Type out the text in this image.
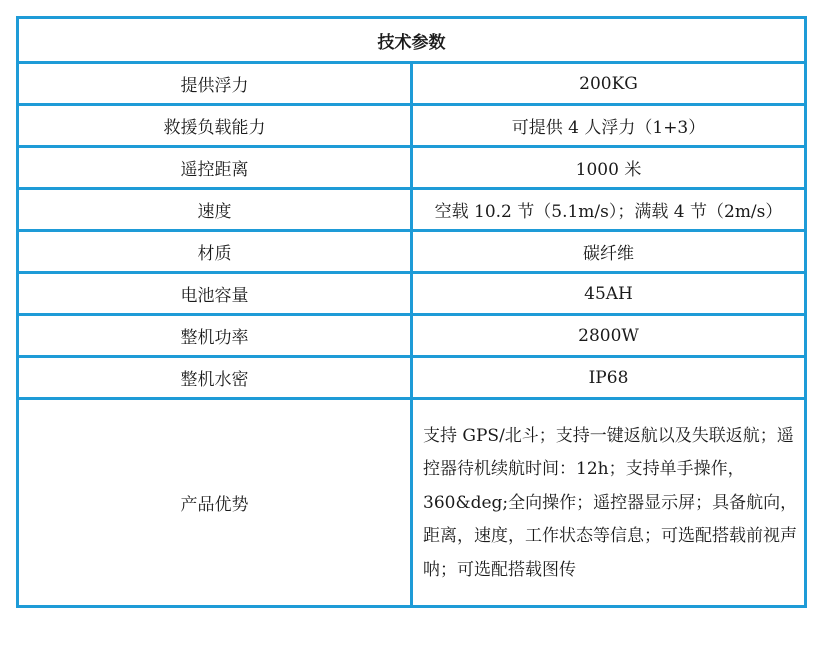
技术参数	
提供浮力	200KG
救援负载能力	可提供 4 人浮力（1+3）
遥控距离	1000 米
速度	空载 10.2 节（5.1m/s）；满载 4 节（2m/s）
材质	碳纤维
电池容量	45AH
整机功率	2800W
整机水密	IP68
产品优势	支持 GPS/北斗；支持一键返航以及失联返航；遥控器待机续航时间：12h；支持单手操作，360&deg;全向操作；遥控器显示屏；具备航向，距离，速度，工作状态等信息；可选配搭载前视声呐；可选配搭载图传
